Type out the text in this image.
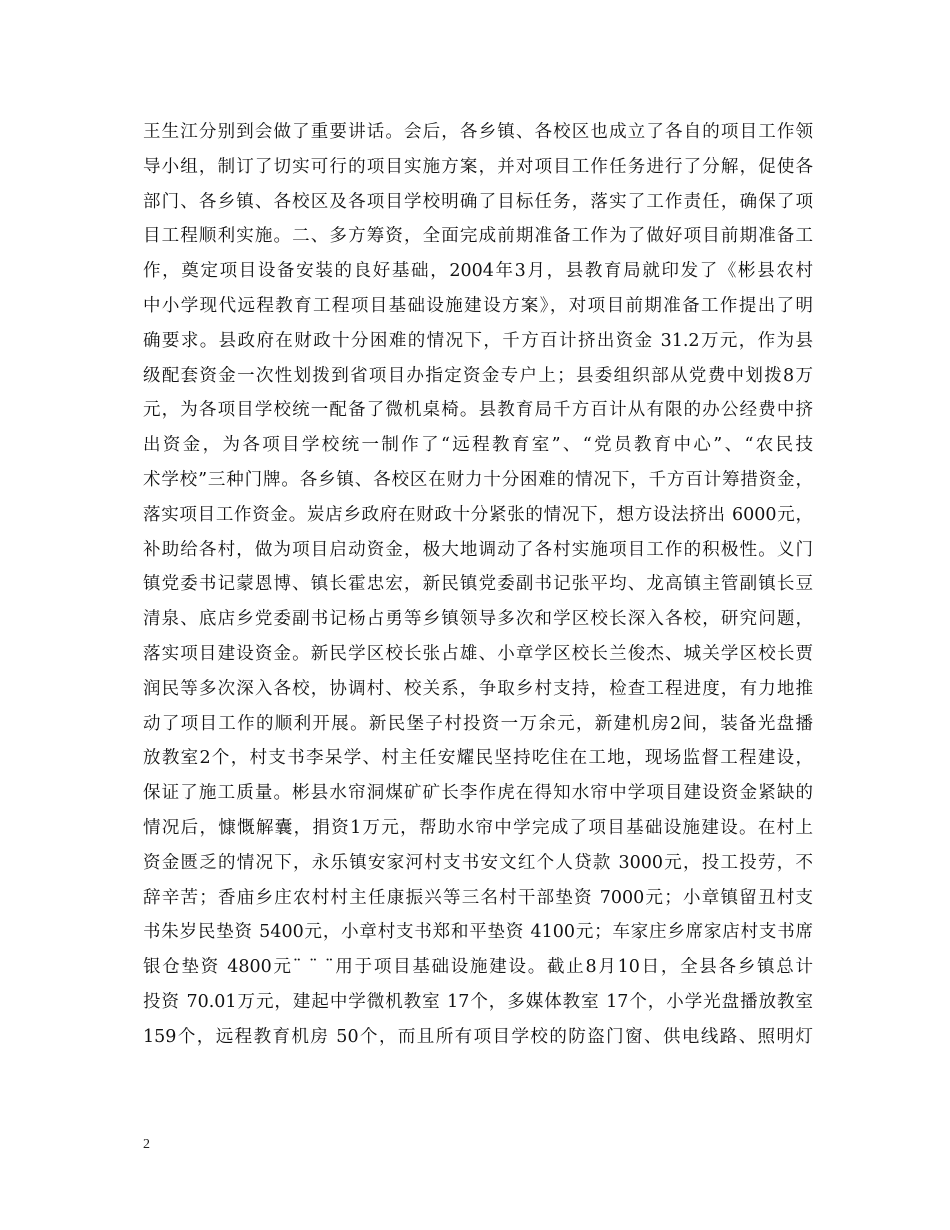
王生江分别到会做了重要讲话。会后，各乡镇、各校区也成立了各自的项目工作领
导小组，制订了切实可行的项目实施方案，并对项目工作任务进行了分解，促使各
部门、各乡镇、各校区及各项目学校明确了目标任务，落实了工作责任，确保了项
目工程顺利实施。二、多方筹资，全面完成前期准备工作为了做好项目前期准备工
作，奠定项目设备安装的良好基础，2004年3月，县教育局就印发了《彬县农村
中小学现代远程教育工程项目基础设施建设方案》，对项目前期准备工作提出了明
确要求。县政府在财政十分困难的情况下，千方百计挤出资金 31.2万元，作为县
级配套资金一次性划拨到省项目办指定资金专户上；县委组织部从党费中划拨8万
元，为各项目学校统一配备了微机桌椅。县教育局千方百计从有限的办公经费中挤
出资金，为各项目学校统一制作了“远程教育室”、“党员教育中心”、“农民技
术学校”三种门牌。各乡镇、各校区在财力十分困难的情况下，千方百计筹措资金，
落实项目工作资金。炭店乡政府在财政十分紧张的情况下，想方设法挤出 6000元，
补助给各村，做为项目启动资金，极大地调动了各村实施项目工作的积极性。义门
镇党委书记蒙恩博、镇长霍忠宏，新民镇党委副书记张平均、龙高镇主管副镇长豆
清泉、底店乡党委副书记杨占勇等乡镇领导多次和学区校长深入各校，研究问题，
落实项目建设资金。新民学区校长张占雄、小章学区校长兰俊杰、城关学区校长贾
润民等多次深入各校，协调村、校关系，争取乡村支持，检查工程进度，有力地推
动了项目工作的顺利开展。新民堡子村投资一万余元，新建机房2间，装备光盘播
放教室2个，村支书李呆学、村主任安耀民坚持吃住在工地，现场监督工程建设，
保证了施工质量。彬县水帘洞煤矿矿长李作虎在得知水帘中学项目建设资金紧缺的
情况后，慷慨解囊，捐资1万元，帮助水帘中学完成了项目基础设施建设。在村上
资金匮乏的情况下，永乐镇安家河村支书安文红个人贷款 3000元，投工投劳，不
辞辛苦；香庙乡庄农村村主任康振兴等三名村干部垫资 7000元；小章镇留丑村支
书朱岁民垫资 5400元，小章村支书郑和平垫资 4100元；车家庄乡席家店村支书席
银仓垫资 4800元¨ ¨ ¨用于项目基础设施建设。截止8月10日，全县各乡镇总计
投资 70.01万元，建起中学微机教室 17个，多媒体教室 17个，小学光盘播放教室
159个，远程教育机房 50个，而且所有项目学校的防盗门窗、供电线路、照明灯
2
